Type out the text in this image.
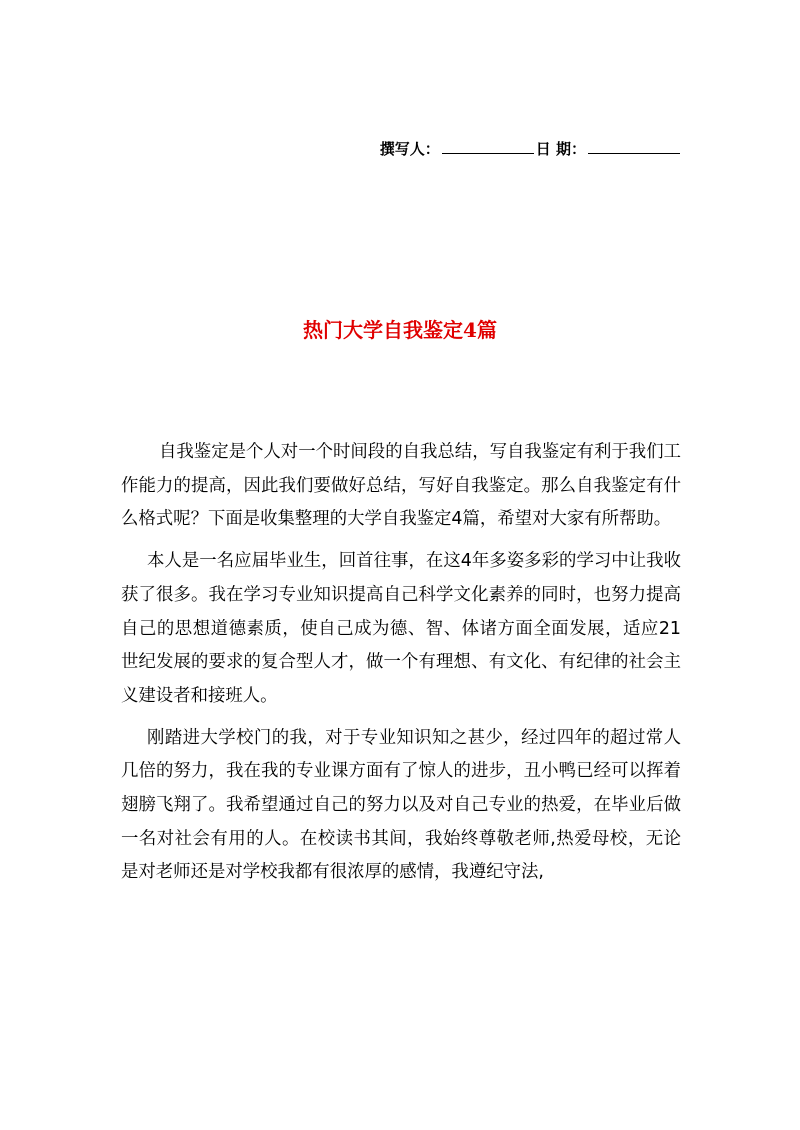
撰写人：	日 期：
热门大学自我鉴定4篇

自我鉴定是个人对一个时间段的自我总结，写自我鉴定有利于我们工作能力的提高，因此我们要做好总结，写好自我鉴定。那么自我鉴定有什么格式呢？下面是收集整理的大学自我鉴定4篇，希望对大家有所帮助。

本人是一名应届毕业生，回首往事，在这4年多姿多彩的学习中让我收获了很多。我在学习专业知识提高自己科学文化素养的同时，也努力提高自己的思想道德素质，使自己成为德、智、体诸方面全面发展，适应21世纪发展的要求的复合型人才，做一个有理想、有文化、有纪律的社会主义建设者和接班人。

刚踏进大学校门的我，对于专业知识知之甚少，经过四年的超过常人几倍的努力，我在我的专业课方面有了惊人的进步，丑小鸭已经可以挥着翅膀飞翔了。我希望通过自己的努力以及对自己专业的热爱，在毕业后做一名对社会有用的人。在校读书其间，我始终尊敬老师,热爱母校，无论是对老师还是对学校我都有很浓厚的感情，我遵纪守法,
